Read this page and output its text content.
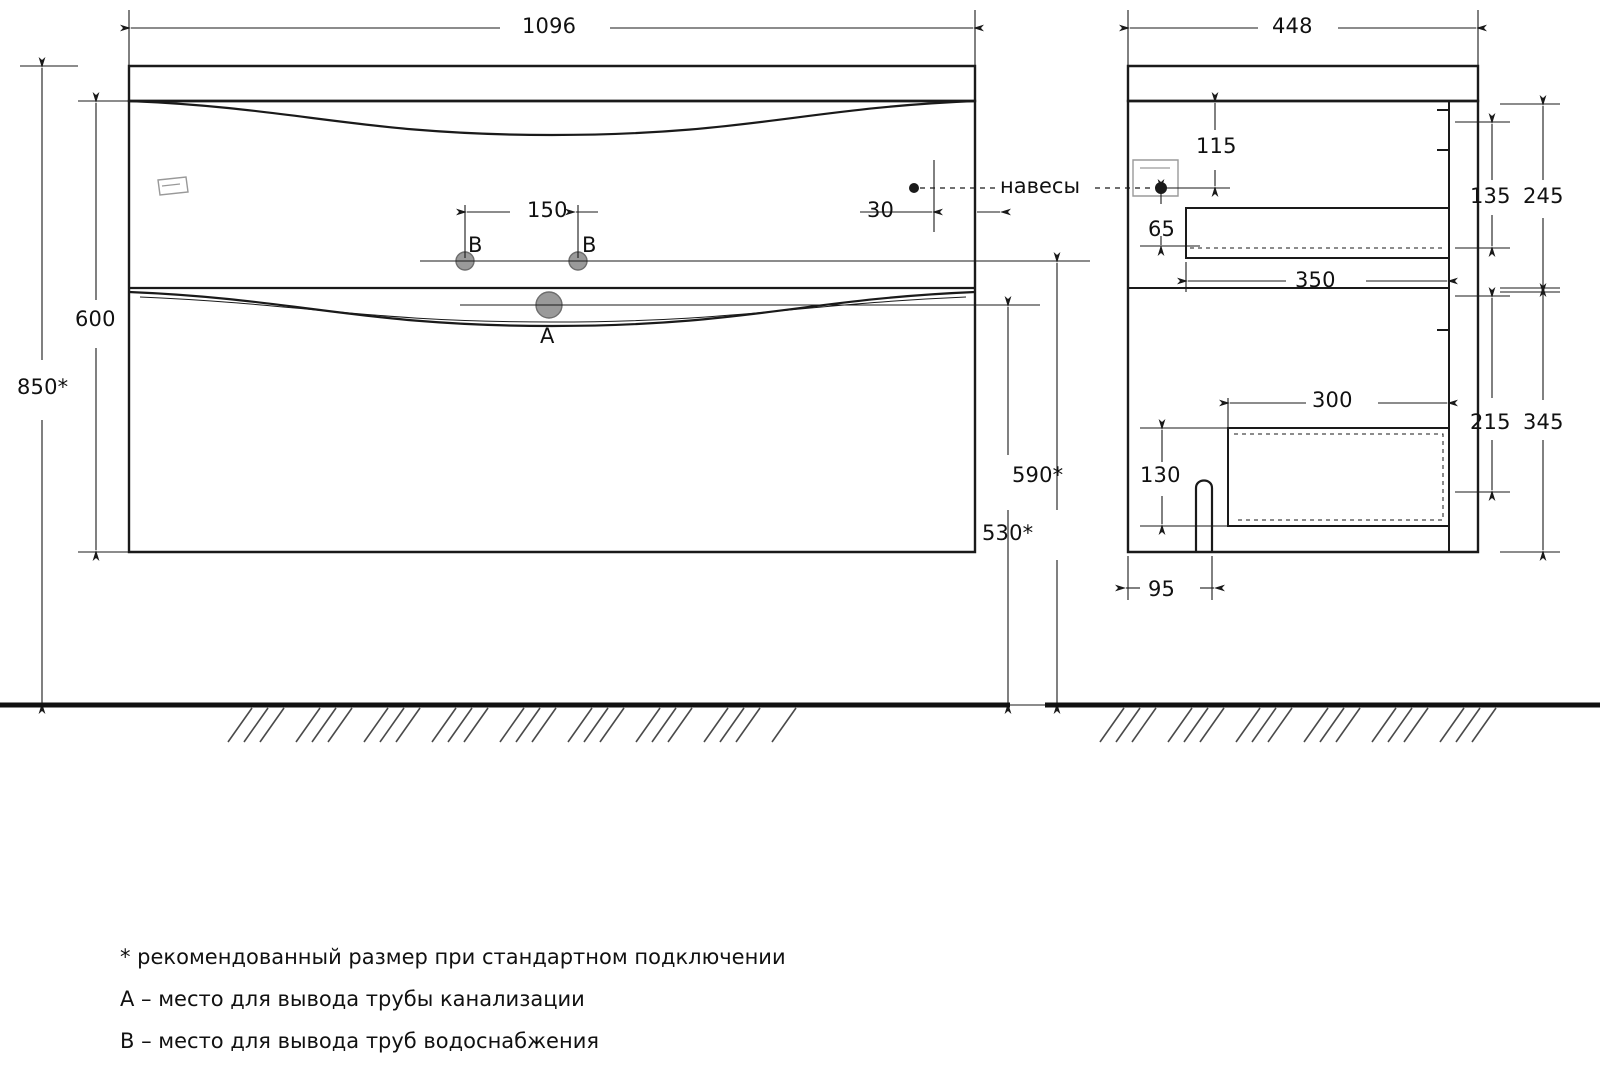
1096
150	30
600
850*
590*
530*
B	B
A
навесы
448
115
65
350
135 245
300
130
215 345
95
* рекомендованный размер при стандартном подключении
А – место для вывода трубы канализации
В – место для вывода труб водоснабжения
